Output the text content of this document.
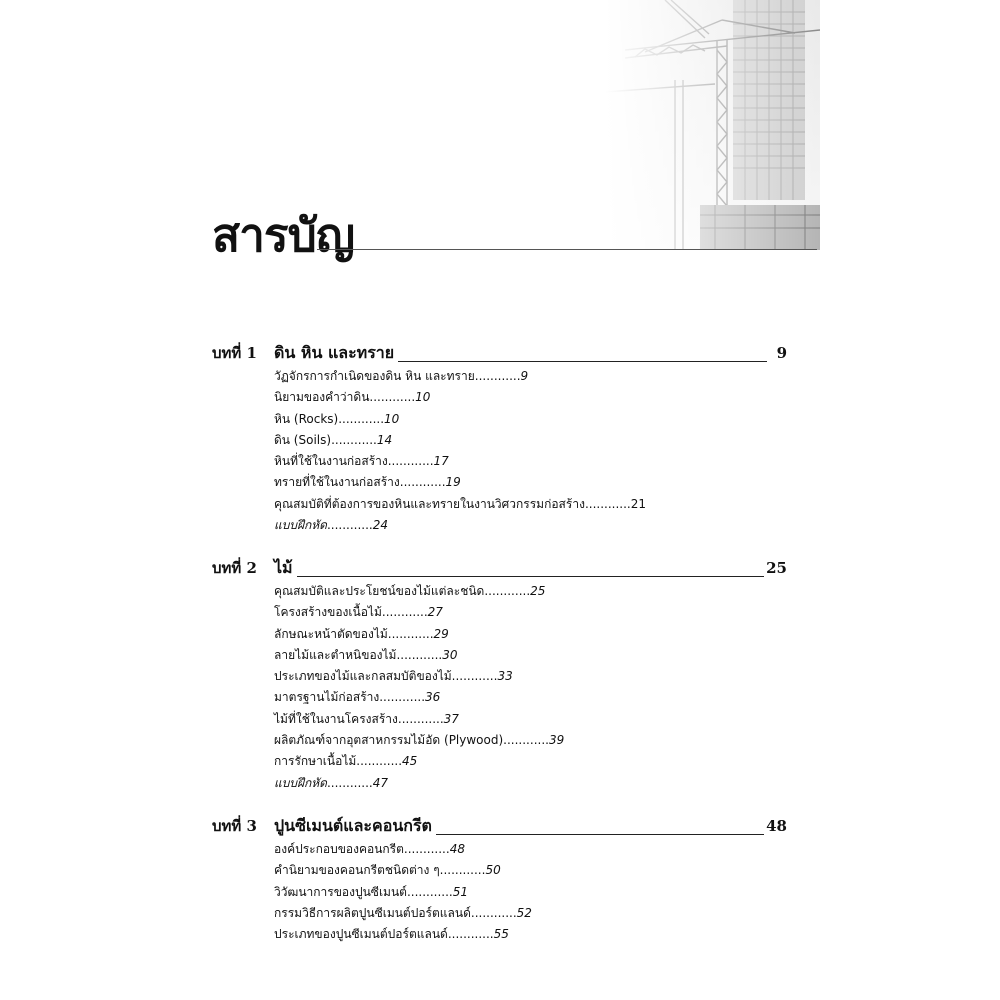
สารบัญ
บทที่ 1 ดิน หิน และทราย	9
วัฏจักรการกำเนิดของดิน หิน และทราย............9
นิยามของคำว่าดิน............10
หิน (Rocks)............10
ดิน (Soils)............14
หินที่ใช้ในงานก่อสร้าง............17
ทรายที่ใช้ในงานก่อสร้าง............19
คุณสมบัติที่ต้องการของหินและทรายในงานวิศวกรรมก่อสร้าง............21
แบบฝึกหัด............24
บทที่ 2 ไม้	25
คุณสมบัติและประโยชน์ของไม้แต่ละชนิด............25
โครงสร้างของเนื้อไม้............27
ลักษณะหน้าตัดของไม้............29
ลายไม้และตำหนิของไม้............30
ประเภทของไม้และกลสมบัติของไม้............33
มาตรฐานไม้ก่อสร้าง............36
ไม้ที่ใช้ในงานโครงสร้าง............37
ผลิตภัณฑ์จากอุตสาหกรรมไม้อัด (Plywood)............39
การรักษาเนื้อไม้............45
แบบฝึกหัด............47
บทที่ 3 ปูนซีเมนต์และคอนกรีต	48
องค์ประกอบของคอนกรีต............48
คำนิยามของคอนกรีตชนิดต่าง ๆ............50
วิวัฒนาการของปูนซีเมนต์............51
กรรมวิธีการผลิตปูนซีเมนต์ปอร์ตแลนด์............52
ประเภทของปูนซีเมนต์ปอร์ตแลนด์............55
